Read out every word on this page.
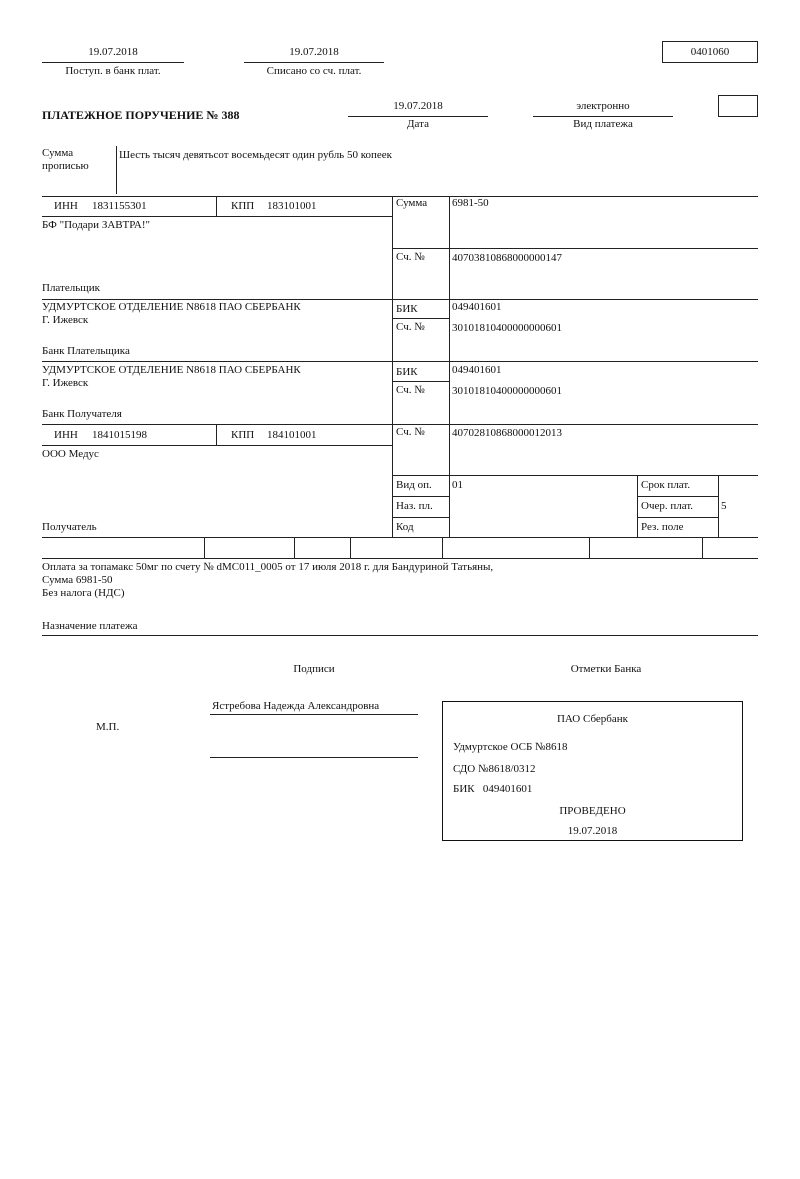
19.07.2018
Поступ. в банк плат.
19.07.2018
Списано со сч. плат.
0401060
ПЛАТЕЖНОЕ ПОРУЧЕНИЕ № 388
19.07.2018
Дата
электронно
Вид платежа
Сумма
прописью
Шесть тысяч девятьсот восемьдесят один рубль 50 копеек
ИНН 1831155301	КПП 183101001
БФ "Подари ЗАВТРА!"
Плательщик
Сумма 6981-50
Сч. № 40703810868000000147
УДМУРТСКОЕ ОТДЕЛЕНИЕ N8618 ПАО СБЕРБАНК
Г. Ижевск
Банк Плательщика
БИК	049401601
Сч. № 30101810400000000601
УДМУРТСКОЕ ОТДЕЛЕНИЕ N8618 ПАО СБЕРБАНК
Г. Ижевск
Банк Получателя
БИК	049401601
Сч. № 30101810400000000601
ИНН 1841015198	КПП 184101001
ООО Медус
Получатель
Сч. № 40702810868000012013
Вид оп. 01
Наз. пл.
Код
Срок плат.
Очер. плат.	5
Рез. поле
Оплата за топамакс 50мг по счету № dMC011_0005 от 17 июля 2018 г. для Бандуриной Татьяны,
Сумма 6981-50
Без налога (НДС)
Назначение платежа
Подписи	Отметки Банка
М.П.
Ястребова Надежда Александровна
ПАО Сбербанк
Удмуртское ОСБ №8618
СДО №8618/0312
БИК   049401601
ПРОВЕДЕНО
19.07.2018
